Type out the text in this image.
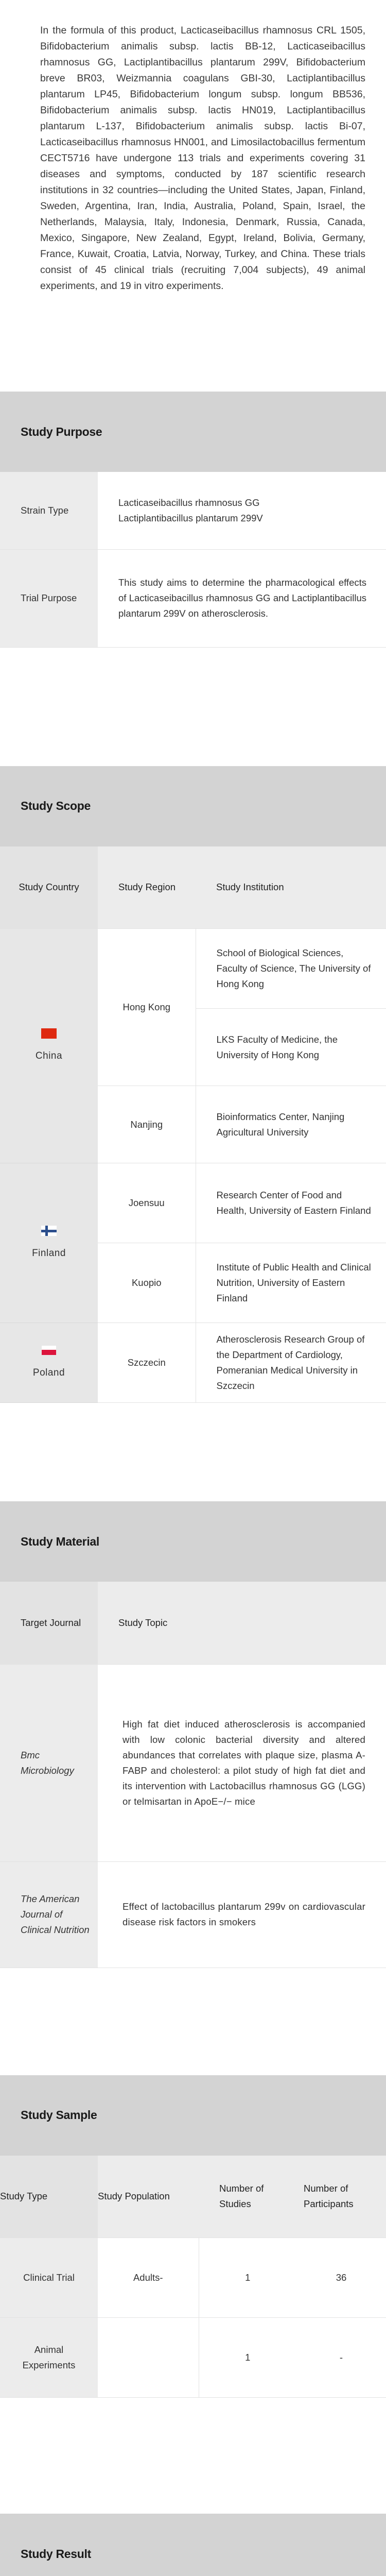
In the formula of this product, Lacticaseibacillus rhamnosus CRL 1505, Bifidobacterium animalis subsp. lactis BB-12, Lacticaseibacillus rhamnosus GG, Lactiplantibacillus plantarum 299V, Bifidobacterium breve BR03, Weizmannia coagulans GBI-30, Lactiplantibacillus plantarum LP45, Bifidobacterium longum subsp. longum BB536, Bifidobacterium animalis subsp. lactis HN019, Lactiplantibacillus plantarum L-137, Bifidobacterium animalis subsp. lactis Bi-07, Lacticaseibacillus rhamnosus HN001, and Limosilactobacillus fermentum CECT5716 have undergone 113 trials and experiments covering 31 diseases and symptoms, conducted by 187 scientific research institutions in 32 countries—including the United States, Japan, Finland, Sweden, Argentina, Iran, India, Australia, Poland, Spain, Israel, the Netherlands, Malaysia, Italy, Indonesia, Denmark, Russia, Canada, Mexico, Singapore, New Zealand, Egypt, Ireland, Bolivia, Germany, France, Kuwait, Croatia, Latvia, Norway, Turkey, and China. These trials consist of 45 clinical trials (recruiting 7,004 subjects), 49 animal experiments, and 19 in vitro experiments.

Study Purpose
Strain Type	Lacticaseibacillus rhamnosus GG
Lactiplantibacillus plantarum 299V

Trial Purpose	This study aims to determine the pharmacological effects of Lacticaseibacillus rhamnosus GG and Lactiplantibacillus plantarum 299V on atherosclerosis.
Study Scope
Study Country	Study Region	Study Institution

China	Hong Kong	School of Biological Sciences, Faculty of Science, The University of Hong Kong
		LKS Faculty of Medicine, the University of Hong Kong
	Nanjing	Bioinformatics Center, Nanjing Agricultural University

Finland	Joensuu	Research Center of Food and Health, University of Eastern Finland
	Kuopio	Institute of Public Health and Clinical Nutrition, University of Eastern Finland

Poland	Szczecin	Atherosclerosis Research Group of the Department of Cardiology, Pomeranian Medical University in Szczecin
Study Material
Target Journal	Study Topic
Bmc Microbiology	High fat diet induced atherosclerosis is accompanied with low colonic bacterial diversity and altered abundances that correlates with plaque size, plasma A-FABP and cholesterol: a pilot study of high fat diet and its intervention with Lactobacillus rhamnosus GG (LGG) or telmisartan in ApoE−/− mice
The American Journal of Clinical Nutrition	Effect of lactobacillus plantarum 299v on cardiovascular disease risk factors in smokers
Study Sample
Study Type	Study Population	Number of Studies	Number of Participants
Clinical Trial	Adults-	1	36
Animal Experiments		1	-
Study Result
